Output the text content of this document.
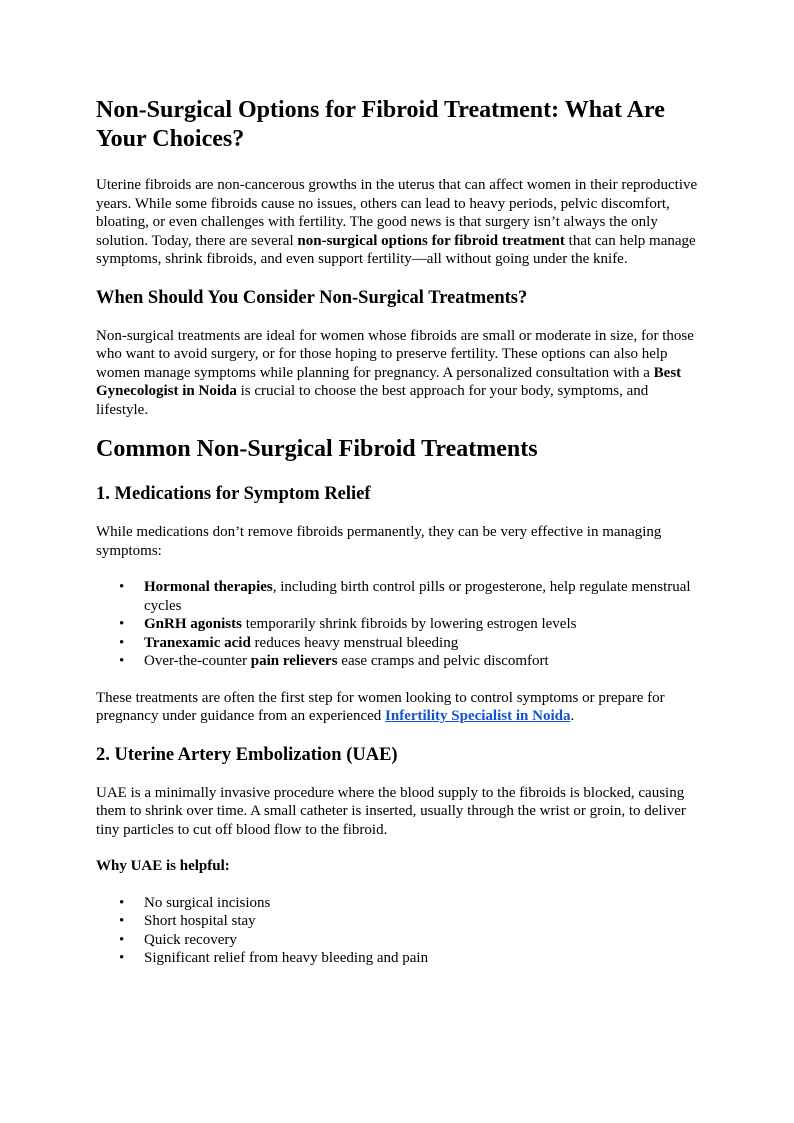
Non-Surgical Options for Fibroid Treatment: What Are Your Choices?

Uterine fibroids are non-cancerous growths in the uterus that can affect women in their reproductive years. While some fibroids cause no issues, others can lead to heavy periods, pelvic discomfort, bloating, or even challenges with fertility. The good news is that surgery isn’t always the only solution. Today, there are several non-surgical options for fibroid treatment that can help manage symptoms, shrink fibroids, and even support fertility—all without going under the knife.

When Should You Consider Non-Surgical Treatments?

Non-surgical treatments are ideal for women whose fibroids are small or moderate in size, for those who want to avoid surgery, or for those hoping to preserve fertility. These options can also help women manage symptoms while planning for pregnancy. A personalized consultation with a Best Gynecologist in Noida is crucial to choose the best approach for your body, symptoms, and lifestyle.

Common Non-Surgical Fibroid Treatments
1. Medications for Symptom Relief

While medications don’t remove fibroids permanently, they can be very effective in managing symptoms:

• Hormonal therapies, including birth control pills or progesterone, help regulate menstrual cycles
• GnRH agonists temporarily shrink fibroids by lowering estrogen levels
• Tranexamic acid reduces heavy menstrual bleeding
• Over-the-counter pain relievers ease cramps and pelvic discomfort

These treatments are often the first step for women looking to control symptoms or prepare for pregnancy under guidance from an experienced Infertility Specialist in Noida.

2. Uterine Artery Embolization (UAE)

UAE is a minimally invasive procedure where the blood supply to the fibroids is blocked, causing them to shrink over time. A small catheter is inserted, usually through the wrist or groin, to deliver tiny particles to cut off blood flow to the fibroid.

Why UAE is helpful:

• No surgical incisions
• Short hospital stay
• Quick recovery
• Significant relief from heavy bleeding and pain
